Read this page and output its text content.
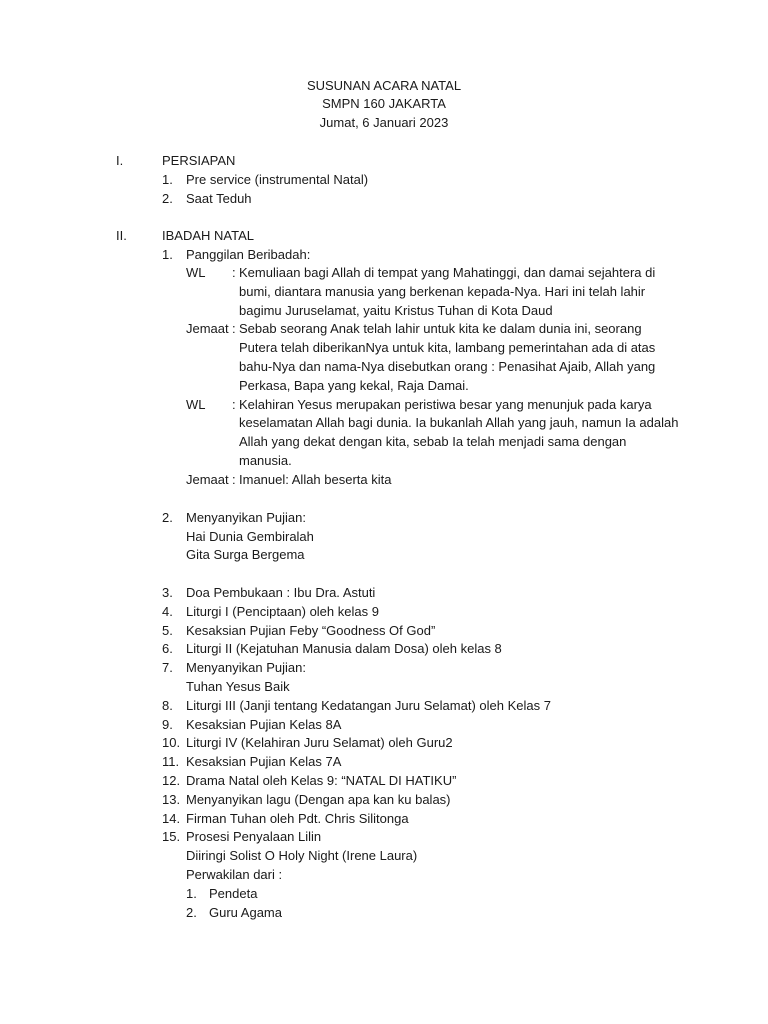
SUSUNAN ACARA NATAL
SMPN 160 JAKARTA
Jumat, 6 Januari 2023
I.	PERSIAPAN
1. Pre service (instrumental Natal)
2. Saat Teduh
II.	IBADAH NATAL
1. Panggilan Beribadah:
WL : Kemuliaan bagi Allah di tempat yang Mahatinggi, dan damai sejahtera di
bumi, diantara manusia yang berkenan kepada-Nya. Hari ini telah lahir
bagimu Juruselamat, yaitu Kristus Tuhan di Kota Daud
Jemaat : Sebab seorang Anak telah lahir untuk kita ke dalam dunia ini, seorang
Putera telah diberikanNya untuk kita, lambang pemerintahan ada di atas
bahu-Nya dan nama-Nya disebutkan orang : Penasihat Ajaib, Allah yang
Perkasa, Bapa yang kekal, Raja Damai.
WL : Kelahiran Yesus merupakan peristiwa besar yang menunjuk pada karya
keselamatan Allah bagi dunia. Ia bukanlah Allah yang jauh, namun Ia adalah
Allah yang dekat dengan kita, sebab Ia telah menjadi sama dengan
manusia.
Jemaat : Imanuel: Allah beserta kita
2. Menyanyikan Pujian:
Hai Dunia Gembiralah
Gita Surga Bergema
3. Doa Pembukaan : Ibu Dra. Astuti
4. Liturgi I (Penciptaan) oleh kelas 9
5. Kesaksian Pujian Feby “Goodness Of God”
6. Liturgi II (Kejatuhan Manusia dalam Dosa) oleh kelas 8
7. Menyanyikan Pujian:
Tuhan Yesus Baik
8. Liturgi III (Janji tentang Kedatangan Juru Selamat) oleh Kelas 7
9. Kesaksian Pujian Kelas 8A
10. Liturgi IV (Kelahiran Juru Selamat) oleh Guru2
11. Kesaksian Pujian Kelas 7A
12. Drama Natal oleh Kelas 9: “NATAL DI HATIKU”
13. Menyanyikan lagu (Dengan apa kan ku balas)
14. Firman Tuhan oleh Pdt. Chris Silitonga
15. Prosesi Penyalaan Lilin
Diiringi Solist O Holy Night (Irene Laura)
Perwakilan dari :
1. Pendeta
2. Guru Agama
